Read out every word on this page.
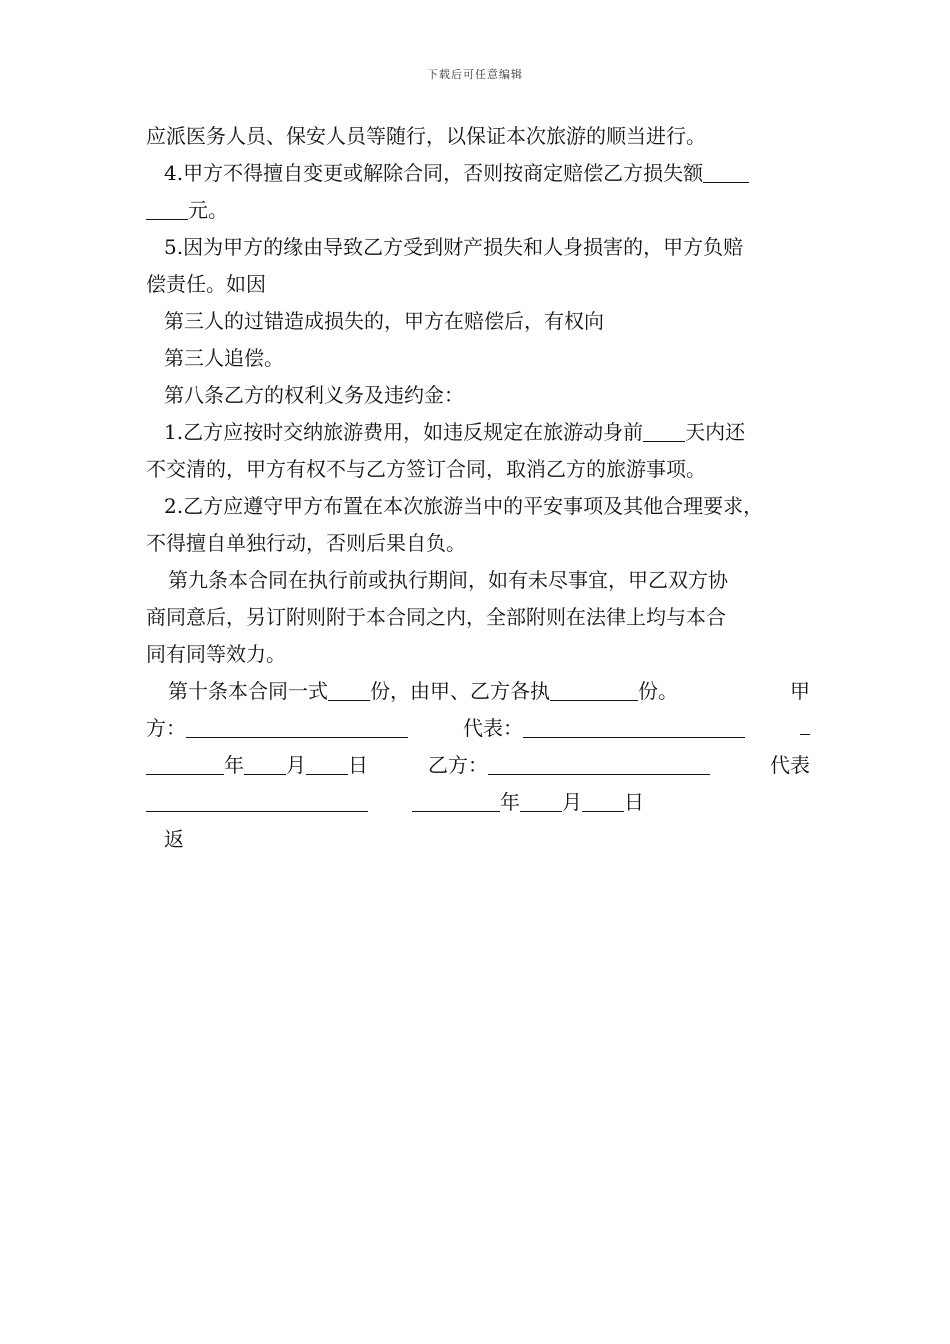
下载后可任意编辑
应派医务人员、保安人员等随行，以保证本次旅游的顺当进行。
4.甲方不得擅自变更或解除合同，否则按商定赔偿乙方损失额
元。
5.因为甲方的缘由导致乙方受到财产损失和人身损害的，甲方负赔
偿责任。如因
第三人的过错造成损失的，甲方在赔偿后，有权向
第三人追偿。
第八条乙方的权利义务及违约金：
1.乙方应按时交纳旅游费用，如违反规定在旅游动身前 天内还
不交清的，甲方有权不与乙方签订合同，取消乙方的旅游事项。
2.乙方应遵守甲方布置在本次旅游当中的平安事项及其他合理要求，
不得擅自单独行动，否则后果自负。
第九条本合同在执行前或执行期间，如有未尽事宜，甲乙双方协
商同意后，另订附则附于本合同之内，全部附则在法律上均与本合
同有同等效力。
第十条本合同一式 份，由甲、乙方各执	份。	甲
方：	代表：
年 月 日	乙方：	代表
年 月 日
返
